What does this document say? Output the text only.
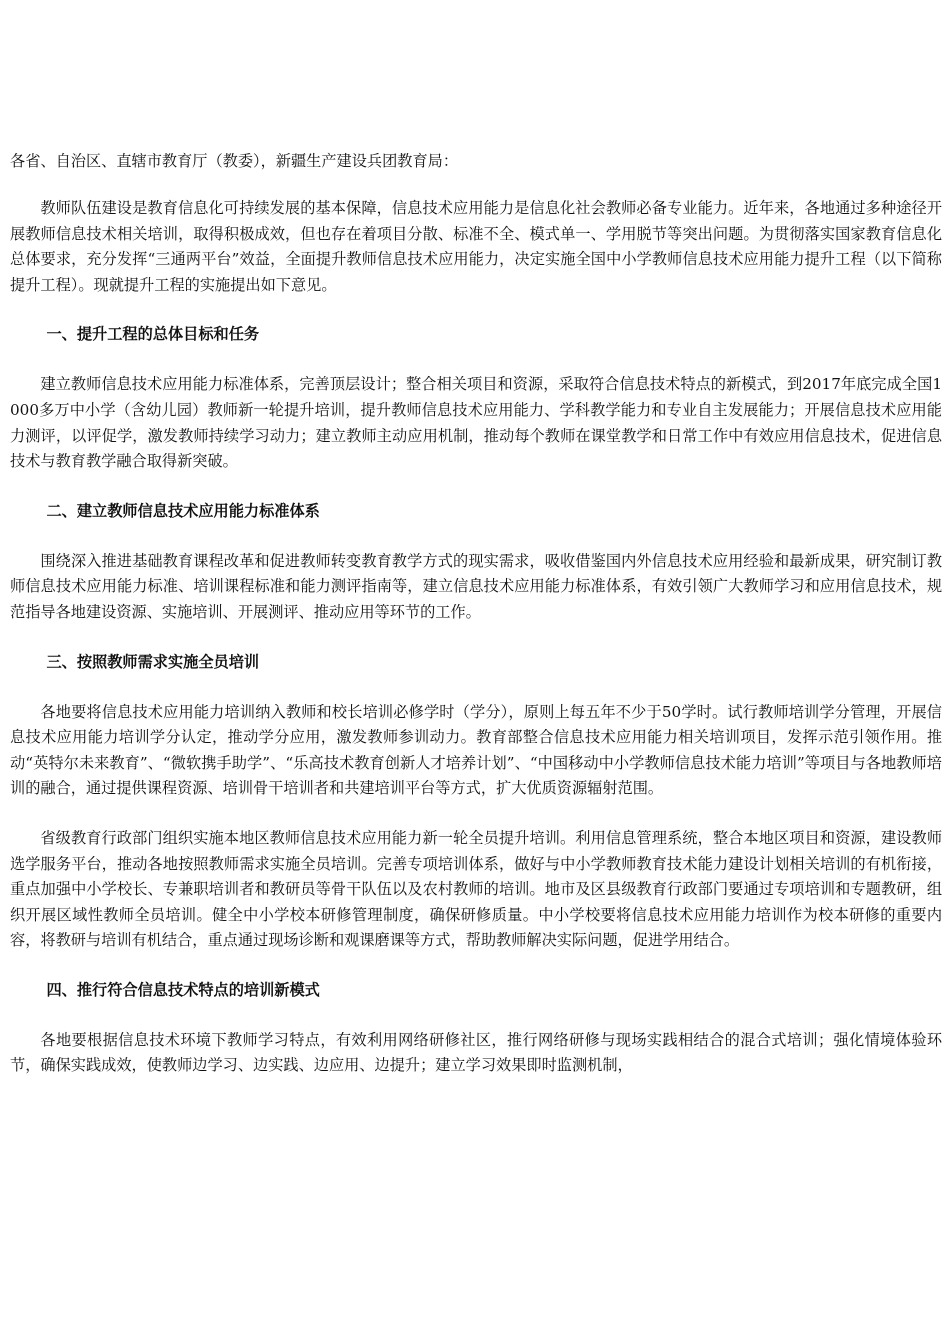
各省、自治区、直辖市教育厅（教委），新疆生产建设兵团教育局：

教师队伍建设是教育信息化可持续发展的基本保障，信息技术应用能力是信息化社会教师必备专业能力。近年来，各地通过多种途径开展教师信息技术相关培训，取得积极成效，但也存在着项目分散、标准不全、模式单一、学用脱节等突出问题。为贯彻落实国家教育信息化总体要求，充分发挥“三通两平台”效益，全面提升教师信息技术应用能力，决定实施全国中小学教师信息技术应用能力提升工程（以下简称提升工程）。现就提升工程的实施提出如下意见。

一、提升工程的总体目标和任务

建立教师信息技术应用能力标准体系，完善顶层设计；整合相关项目和资源，采取符合信息技术特点的新模式，到2017年底完成全国1000多万中小学（含幼儿园）教师新一轮提升培训，提升教师信息技术应用能力、学科教学能力和专业自主发展能力；开展信息技术应用能力测评，以评促学，激发教师持续学习动力；建立教师主动应用机制，推动每个教师在课堂教学和日常工作中有效应用信息技术，促进信息技术与教育教学融合取得新突破。

二、建立教师信息技术应用能力标准体系

围绕深入推进基础教育课程改革和促进教师转变教育教学方式的现实需求，吸收借鉴国内外信息技术应用经验和最新成果，研究制订教师信息技术应用能力标准、培训课程标准和能力测评指南等，建立信息技术应用能力标准体系，有效引领广大教师学习和应用信息技术，规范指导各地建设资源、实施培训、开展测评、推动应用等环节的工作。

三、按照教师需求实施全员培训

各地要将信息技术应用能力培训纳入教师和校长培训必修学时（学分），原则上每五年不少于50学时。试行教师培训学分管理，开展信息技术应用能力培训学分认定，推动学分应用，激发教师参训动力。教育部整合信息技术应用能力相关培训项目，发挥示范引领作用。推动“英特尔未来教育”、“微软携手助学”、“乐高技术教育创新人才培养计划”、“中国移动中小学教师信息技术能力培训”等项目与各地教师培训的融合，通过提供课程资源、培训骨干培训者和共建培训平台等方式，扩大优质资源辐射范围。

省级教育行政部门组织实施本地区教师信息技术应用能力新一轮全员提升培训。利用信息管理系统，整合本地区项目和资源，建设教师选学服务平台，推动各地按照教师需求实施全员培训。完善专项培训体系，做好与中小学教师教育技术能力建设计划相关培训的有机衔接，重点加强中小学校长、专兼职培训者和教研员等骨干队伍以及农村教师的培训。地市及区县级教育行政部门要通过专项培训和专题教研，组织开展区域性教师全员培训。健全中小学校本研修管理制度，确保研修质量。中小学校要将信息技术应用能力培训作为校本研修的重要内容，将教研与培训有机结合，重点通过现场诊断和观课磨课等方式，帮助教师解决实际问题，促进学用结合。

四、推行符合信息技术特点的培训新模式

各地要根据信息技术环境下教师学习特点，有效利用网络研修社区，推行网络研修与现场实践相结合的混合式培训；强化情境体验环节，确保实践成效，使教师边学习、边实践、边应用、边提升；建立学习效果即时监测机制，
